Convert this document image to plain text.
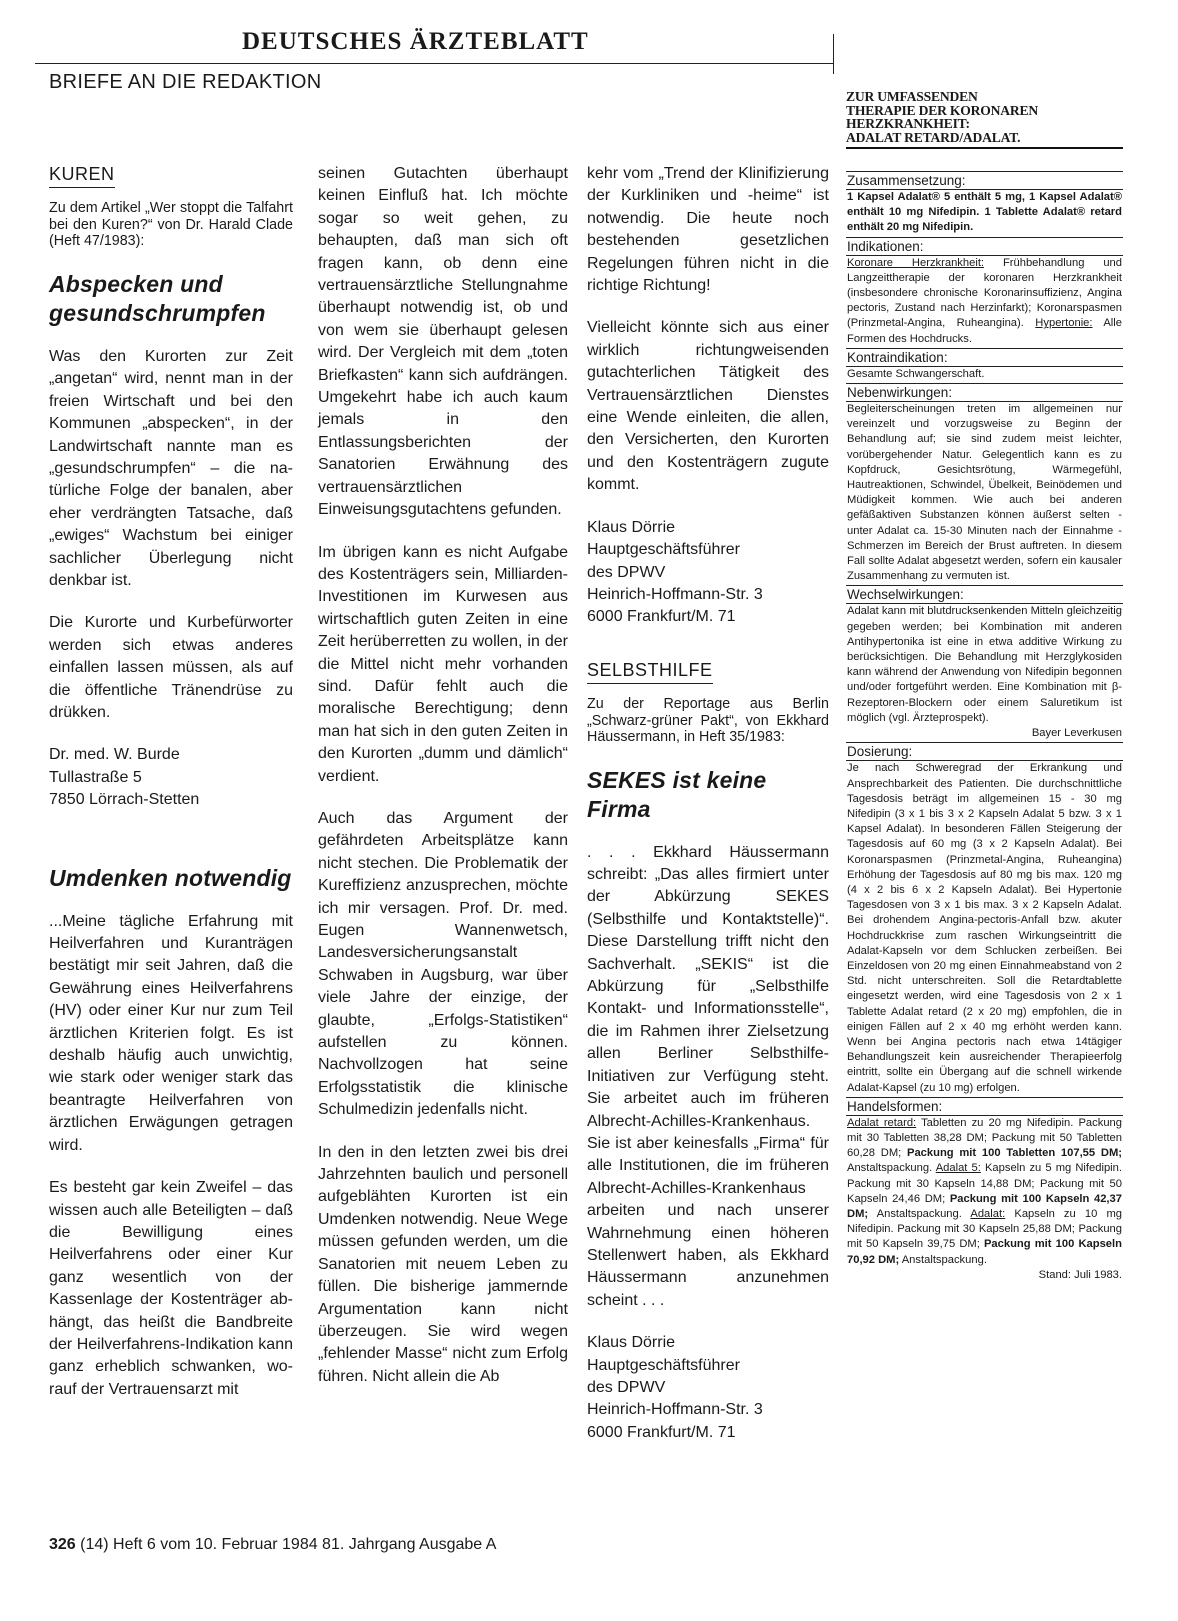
DEUTSCHES ÄRZTEBLATT
BRIEFE AN DIE REDAKTION
KUREN

Zu dem Artikel „Wer stoppt die Talfahrt bei den Kuren?“ von Dr. Harald Clade (Heft 47/1983):

Abspecken und gesundschrumpfen

Was den Kurorten zur Zeit „angetan“ wird, nennt man in der freien Wirtschaft und bei den Kommunen „abspecken“, in der Landwirtschaft nannte man es „gesundschrumpfen“ – die natürliche Folge der banalen, aber eher verdrängten Tatsache, daß „ewiges“ Wachstum bei einiger sachlicher Überlegung nicht denkbar ist.

Die Kurorte und Kurbefürworter werden sich etwas anderes einfallen lassen müssen, als auf die öffentliche Tränendrüse zu drükken.

Dr. med. W. Burde
Tullastraße 5
7850 Lörrach-Stetten
Umdenken notwendig

...Meine tägliche Erfahrung mit Heilverfahren und Kuranträgen bestätigt mir seit Jahren, daß die Gewährung eines Heilverfahrens (HV) oder einer Kur nur zum Teil ärztlichen Kriterien folgt. Es ist deshalb häufig auch unwichtig, wie stark oder weniger stark das beantragte Heilverfahren von ärztlichen Erwägungen getragen wird.

Es besteht gar kein Zweifel – das wissen auch alle Beteiligten – daß die Bewilligung eines Heilverfahrens oder einer Kur ganz wesentlich von der Kassenlage der Kostenträger abhängt, das heißt die Bandbreite der Heilverfahrens-Indikation kann ganz erheblich schwanken, worauf der Vertrauensarzt mit

seinen Gutachten überhaupt keinen Einfluß hat. Ich möchte sogar so weit gehen, zu behaupten, daß man sich oft fragen kann, ob denn eine vertrauensärztliche Stellungnahme überhaupt notwendig ist, ob und von wem sie überhaupt gelesen wird. Der Vergleich mit dem „toten Briefkasten“ kann sich aufdrängen. Umgekehrt habe ich auch kaum jemals in den Entlassungsberichten der Sanatorien Erwähnung des vertrauensärztlichen Einweisungsgutachtens gefunden.

Im übrigen kann es nicht Aufgabe des Kostenträgers sein, Milliarden-Investitionen im Kurwesen aus wirtschaftlich guten Zeiten in eine Zeit herüberretten zu wollen, in der die Mittel nicht mehr vorhanden sind. Dafür fehlt auch die moralische Berechtigung; denn man hat sich in den guten Zeiten in den Kurorten „dumm und dämlich“ verdient.

Auch das Argument der gefährdeten Arbeitsplätze kann nicht stechen. Die Problematik der Kureffizienz anzusprechen, möchte ich mir versagen. Prof. Dr. med. Eugen Wannenwetsch, Landesversicherungsanstalt Schwaben in Augsburg, war über viele Jahre der einzige, der glaubte, „Erfolgs-Statistiken“ aufstellen zu können. Nachvollzogen hat seine Erfolgsstatistik die klinische Schulmedizin jedenfalls nicht.

In den in den letzten zwei bis drei Jahrzehnten baulich und personell aufgeblähten Kurorten ist ein Umdenken notwendig. Neue Wege müssen gefunden werden, um die Sanatorien mit neuem Leben zu füllen. Die bisherige jammernde Argumentation kann nicht überzeugen. Sie wird wegen „fehlender Masse“ nicht zum Erfolg führen. Nicht allein die Ab

kehr vom „Trend der Klinifizierung der Kurkliniken und -heime“ ist notwendig. Die heute noch bestehenden gesetzlichen Regelungen führen nicht in die richtige Richtung!

Vielleicht könnte sich aus einer wirklich richtungweisenden gutachterlichen Tätigkeit des Vertrauensärztlichen Dienstes eine Wende einleiten, die allen, den Versicherten, den Kurorten und den Kostenträgern zugute kommt.

Klaus Dörrie
Hauptgeschäftsführer
des DPWV
Heinrich-Hoffmann-Str. 3
6000 Frankfurt/M. 71
SELBSTHILFE

Zu der Reportage aus Berlin „Schwarz-grüner Pakt“, von Ekkhard Häussermann, in Heft 35/1983:

SEKES ist keine Firma

. . . Ekkhard Häussermann schreibt: „Das alles firmiert unter der Abkürzung SEKES (Selbsthilfe und Kontaktstelle)“. Diese Darstellung trifft nicht den Sachverhalt. „SEKIS“ ist die Abkürzung für „Selbsthilfe Kontakt- und Informationsstelle“, die im Rahmen ihrer Zielsetzung allen Berliner Selbsthilfe-Initiativen zur Verfügung steht. Sie arbeitet auch im früheren Albrecht-Achilles-Krankenhaus. Sie ist aber keinesfalls „Firma“ für alle Institutionen, die im früheren Albrecht-Achilles-Krankenhaus arbeiten und nach unserer Wahrnehmung einen höheren Stellenwert haben, als Ekkhard Häussermann anzunehmen scheint . . .

Klaus Dörrie
Hauptgeschäftsführer
des DPWV
Heinrich-Hoffmann-Str. 3
6000 Frankfurt/M. 71
326 (14) Heft 6 vom 10. Februar 1984 81. Jahrgang Ausgabe A
ZUR UMFASSENDEN
THERAPIE DER KORONAREN
HERZKRANKHEIT:
ADALAT RETARD/ADALAT.
Zusammensetzung:
1 Kapsel Adalat® 5 enthält 5 mg, 1 Kapsel Adalat® enthält 10 mg Nifedipin. 1 Tablette Adalat® retard enthält 20 mg Nifedipin.
Indikationen:
Koronare Herzkrankheit: Frühbehandlung und Langzeittherapie der koronaren Herzkrankheit (insbesondere chronische Koronarinsuffizienz, Angina pectoris, Zustand nach Herzinfarkt); Koronarspasmen (Prinzmetal-Angina, Ruheangina). Hypertonie: Alle Formen des Hochdrucks.
Kontraindikation:
Gesamte Schwangerschaft.
Nebenwirkungen:
Begleiterscheinungen treten im allgemeinen nur vereinzelt und vorzugsweise zu Beginn der Behandlung auf; sie sind zudem meist leichter, vorübergehender Natur. Gelegentlich kann es zu Kopfdruck, Gesichtsrötung, Wärmegefühl, Hautreaktionen, Schwindel, Übelkeit, Beinödemen und Müdigkeit kommen. Wie auch bei anderen gefäßaktiven Substanzen können äußerst selten - unter Adalat ca. 15-30 Minuten nach der Einnahme - Schmerzen im Bereich der Brust auftreten. In diesem Fall sollte Adalat abgesetzt werden, sofern ein kausaler Zusammenhang zu vermuten ist.
Wechselwirkungen:
Adalat kann mit blutdrucksenkenden Mitteln gleichzeitig gegeben werden; bei Kombination mit anderen Antihypertonika ist eine in etwa additive Wirkung zu berücksichtigen. Die Behandlung mit Herzglykosiden kann während der Anwendung von Nifedipin begonnen und/oder fortgeführt werden. Eine Kombination mit β-Rezeptoren-Blockern oder einem Saluretikum ist möglich (vgl. Ärzteprospekt).
Bayer Leverkusen
Dosierung:
Je nach Schweregrad der Erkrankung und Ansprechbarkeit des Patienten. Die durchschnittliche Tagesdosis beträgt im allgemeinen 15 - 30 mg Nifedipin (3 x 1 bis 3 x 2 Kapseln Adalat 5 bzw. 3 x 1 Kapsel Adalat). In besonderen Fällen Steigerung der Tagesdosis auf 60 mg (3 x 2 Kapseln Adalat). Bei Koronarspasmen (Prinzmetal-Angina, Ruheangina) Erhöhung der Tagesdosis auf 80 mg bis max. 120 mg (4 x 2 bis 6 x 2 Kapseln Adalat). Bei Hypertonie Tagesdosen von 3 x 1 bis max. 3 x 2 Kapseln Adalat. Bei drohendem Angina-pectoris-Anfall bzw. akuter Hochdruckkrise zum raschen Wirkungseintritt die Adalat-Kapseln vor dem Schlucken zerbeißen. Bei Einzeldosen von 20 mg einen Einnahmeabstand von 2 Std. nicht unterschreiten. Soll die Retardtablette eingesetzt werden, wird eine Tagesdosis von 2 x 1 Tablette Adalat retard (2 x 20 mg) empfohlen, die in einigen Fällen auf 2 x 40 mg erhöht werden kann. Wenn bei Angina pectoris nach etwa 14tägiger Behandlungszeit kein ausreichender Therapieerfolg eintritt, sollte ein Übergang auf die schnell wirkende Adalat-Kapsel (zu 10 mg) erfolgen.
Handelsformen:
Adalat retard: Tabletten zu 20 mg Nifedipin. Packung mit 30 Tabletten 38,28 DM; Packung mit 50 Tabletten 60,28 DM; Packung mit 100 Tabletten 107,55 DM; Anstaltspackung. Adalat 5: Kapseln zu 5 mg Nifedipin. Packung mit 30 Kapseln 14,88 DM; Packung mit 50 Kapseln 24,46 DM; Packung mit 100 Kapseln 42,37 DM; Anstaltspackung. Adalat: Kapseln zu 10 mg Nifedipin. Packung mit 30 Kapseln 25,88 DM; Packung mit 50 Kapseln 39,75 DM; Packung mit 100 Kapseln 70,92 DM; Anstaltspackung.
Stand: Juli 1983.
